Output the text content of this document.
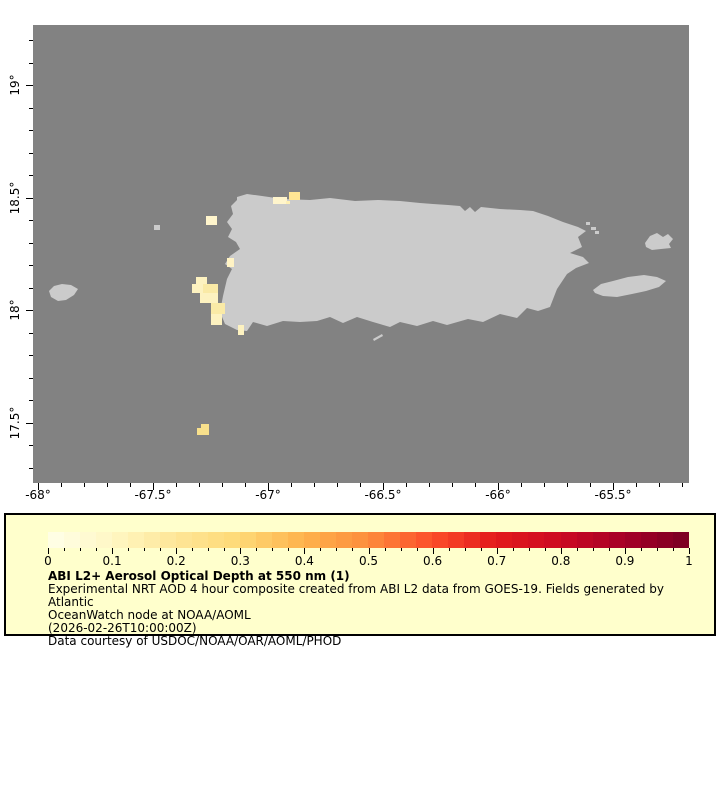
-68°	-67.5°	-67°	-66.5°	-66°	-65.5°
19°
18.5°
18°
17.5°
0	0.1	0.2	0.3	0.4	0.5	0.6	0.7	0.8	0.9	1
ABI L2+ Aerosol Optical Depth at 550 nm (1)
Experimental NRT AOD 4 hour composite created from ABI L2 data from GOES-19. Fields generated by Atlantic
OceanWatch node at NOAA/AOML
(2026-02-26T10:00:00Z)
Data courtesy of USDOC/NOAA/OAR/AOML/PHOD
